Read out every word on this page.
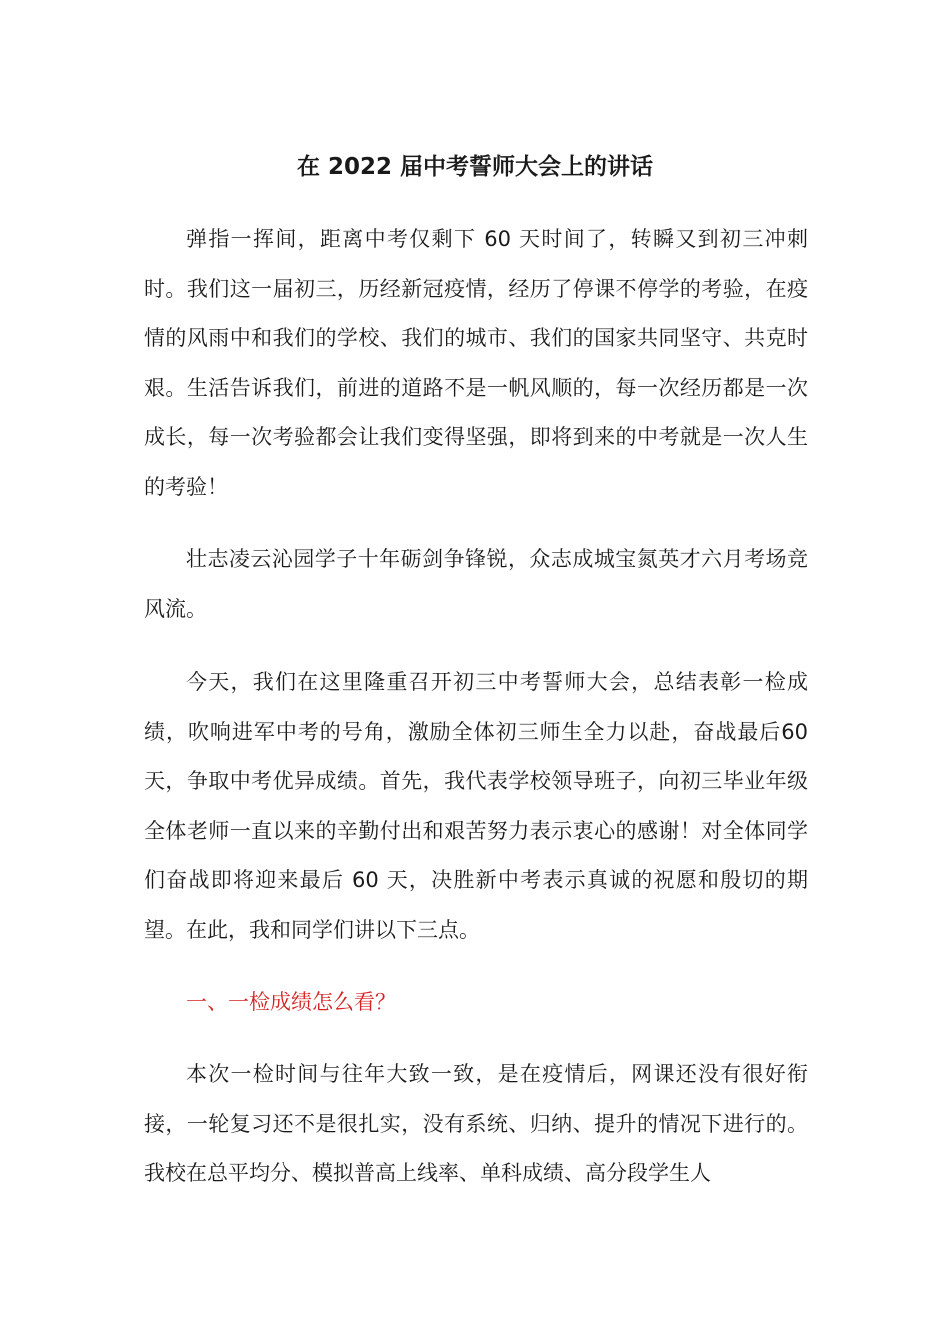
在 2022 届中考誓师大会上的讲话

弹指一挥间，距离中考仅剩下 60 天时间了，转瞬又到初三冲刺时。我们这一届初三，历经新冠疫情，经历了停课不停学的考验，在疫情的风雨中和我们的学校、我们的城市、我们的国家共同坚守、共克时艰。生活告诉我们，前进的道路不是一帆风顺的，每一次经历都是一次成长，每一次考验都会让我们变得坚强，即将到来的中考就是一次人生的考验！

壮志凌云沁园学子十年砺剑争锋锐，众志成城宝氮英才六月考场竞风流。

今天，我们在这里隆重召开初三中考誓师大会，总结表彰一检成绩，吹响进军中考的号角，激励全体初三师生全力以赴，奋战最后60 天，争取中考优异成绩。首先，我代表学校领导班子，向初三毕业年级全体老师一直以来的辛勤付出和艰苦努力表示衷心的感谢！对全体同学们奋战即将迎来最后 60 天，决胜新中考表示真诚的祝愿和殷切的期望。在此，我和同学们讲以下三点。

一、一检成绩怎么看？

本次一检时间与往年大致一致，是在疫情后，网课还没有很好衔接，一轮复习还不是很扎实，没有系统、归纳、提升的情况下进行的。我校在总平均分、模拟普高上线率、单科成绩、高分段学生人
